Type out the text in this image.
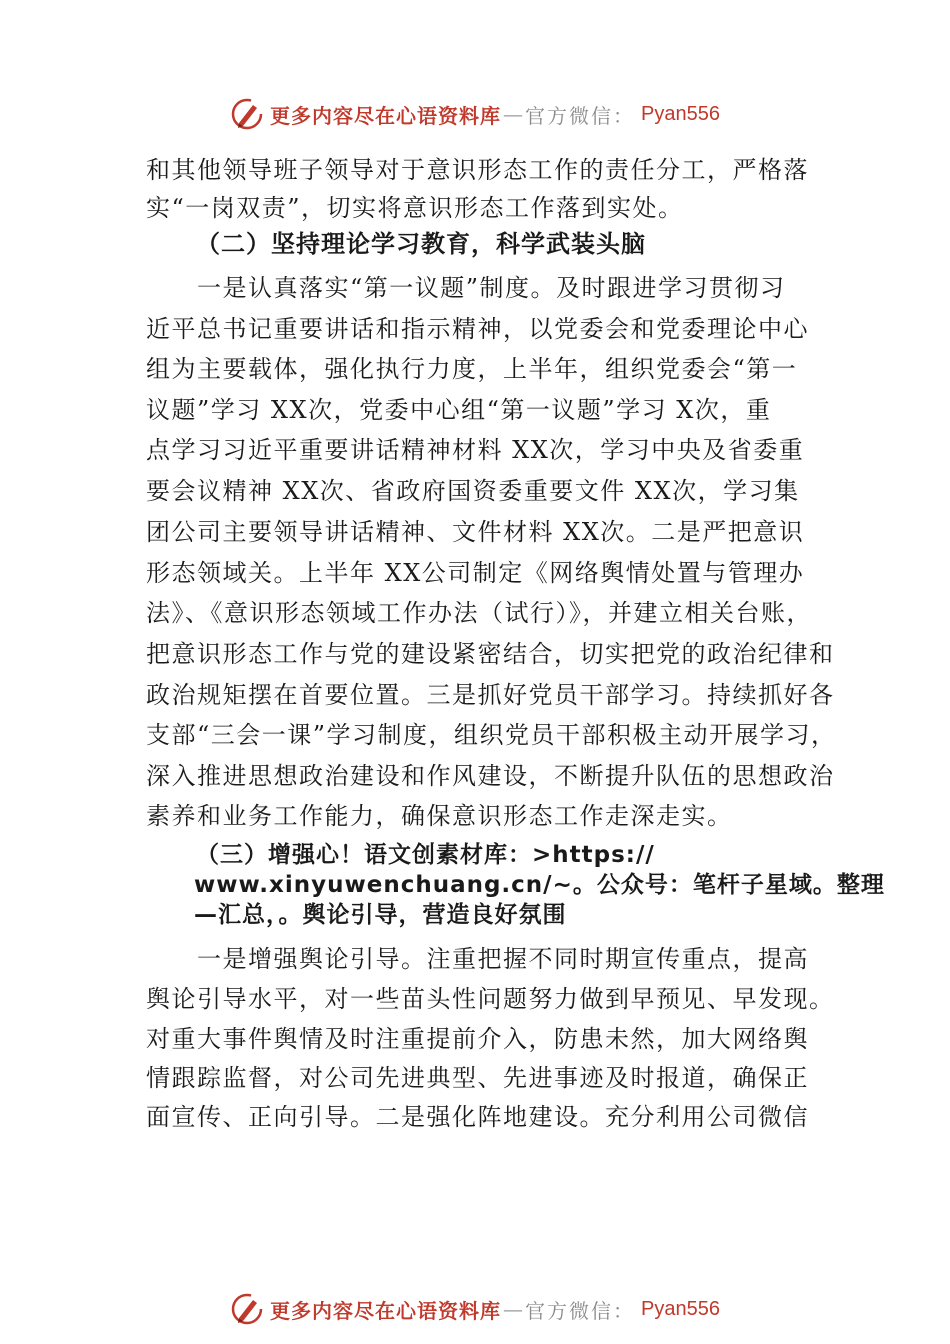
更多内容尽在心语资料库 — 官方微信： Pyan556
和其他领导班子领导对于意识形态工作的责任分工，严格落
实“一岗双责”，切实将意识形态工作落到实处。
（二）坚持理论学习教育，科学武装头脑
一是认真落实“第一议题”制度。及时跟进学习贯彻习
近平总书记重要讲话和指示精神，以党委会和党委理论中心
组为主要载体，强化执行力度，上半年，组织党委会“第一
议题”学习 XX次，党委中心组“第一议题”学习 X次，重
点学习习近平重要讲话精神材料 XX次，学习中央及省委重
要会议精神 XX次、省政府国资委重要文件 XX次，学习集
团公司主要领导讲话精神、文件材料 XX次。二是严把意识
形态领域关。上半年 XX公司制定《网络舆情处置与管理办
法》、《意识形态领域工作办法（试行）》，并建立相关台账，
把意识形态工作与党的建设紧密结合，切实把党的政治纪律和
政治规矩摆在首要位置。三是抓好党员干部学习。持续抓好各
支部“三会一课”学习制度，组织党员干部积极主动开展学习，
深入推进思想政治建设和作风建设，不断提升队伍的思想政治
素养和业务工作能力，确保意识形态工作走深走实。
（三）增强心！语文创素材库：>https://
www.xinyuwenchuang.cn/~。公众号：笔杆子星域。整理
—汇总，。舆论引导，营造良好氛围
一是增强舆论引导。注重把握不同时期宣传重点，提高
舆论引导水平，对一些苗头性问题努力做到早预见、早发现。
对重大事件舆情及时注重提前介入，防患未然，加大网络舆
情跟踪监督，对公司先进典型、先进事迹及时报道，确保正
面宣传、正向引导。二是强化阵地建设。充分利用公司微信
更多内容尽在心语资料库 — 官方微信： Pyan556
